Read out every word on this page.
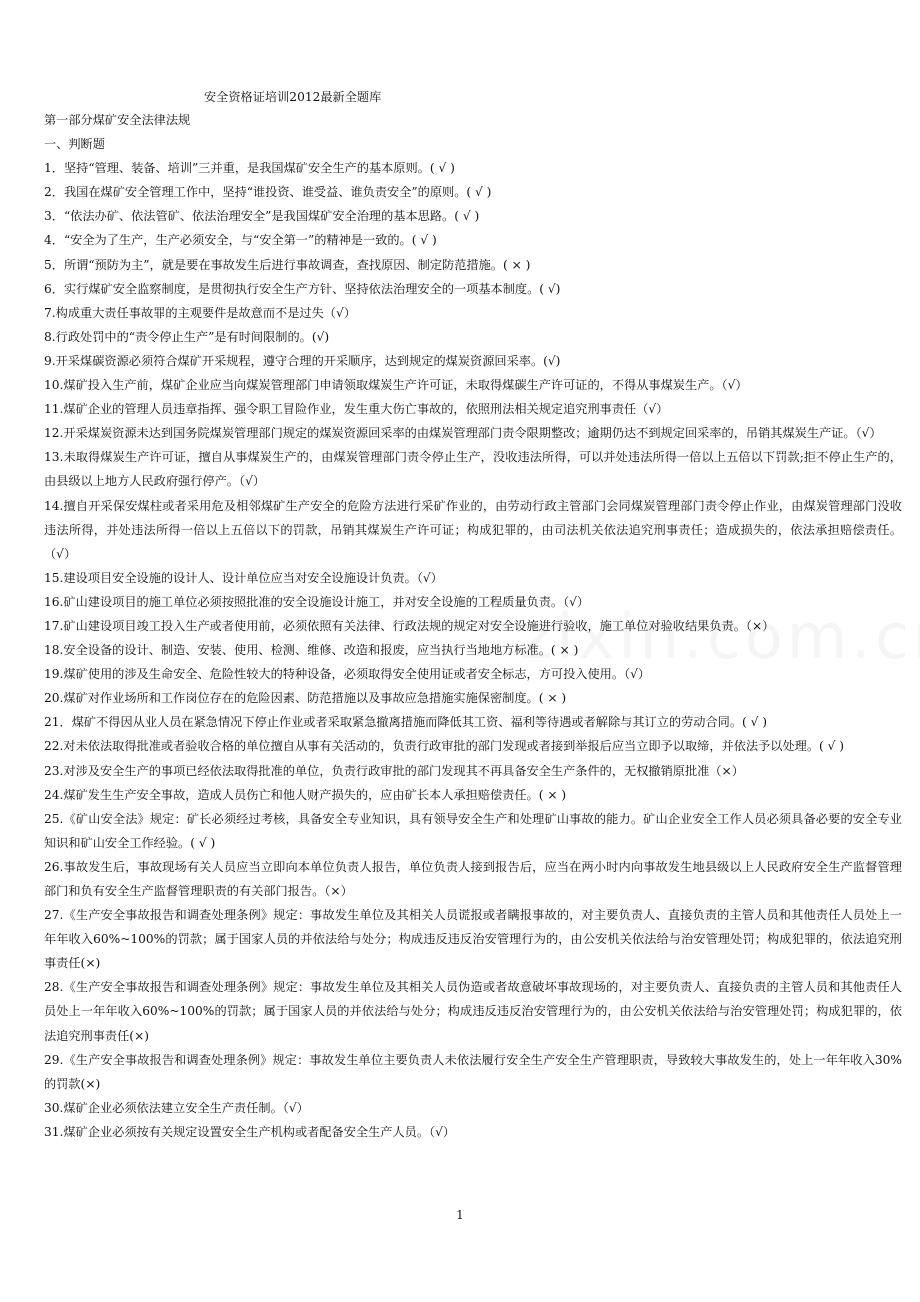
安全资格证培训2012最新全题库
第一部分煤矿安全法律法规
一、判断题
1．坚持“管理、装备、培训”三并重，是我国煤矿安全生产的基本原则。( √ )
2．我国在煤矿安全管理工作中，坚持“谁投资、谁受益、谁负责安全”的原则。( √ )
3．“依法办矿、依法管矿、依法治理安全”是我国煤矿安全治理的基本思路。( √ )
4．“安全为了生产，生产必须安全，与“安全第一”的精神是一致的。( √ )
5．所谓“预防为主”，就是要在事故发生后进行事故调查，查找原因、制定防范措施。( × )
6．实行煤矿安全监察制度，是贯彻执行安全生产方针、坚持依法治理安全的一项基本制度。( √)
7.构成重大责任事故罪的主观要件是故意而不是过失（√）
8.行政处罚中的“责令停止生产”是有时间限制的。(√)
9.开采煤碳资源必须符合煤矿开采规程，遵守合理的开采顺序，达到规定的煤炭资源回采率。(√)
10.煤矿投入生产前，煤矿企业应当向煤炭管理部门申请领取煤炭生产许可证，未取得煤碳生产许可证的，不得从事煤炭生产。（√）
11.煤矿企业的管理人员违章指挥、强令职工冒险作业，发生重大伤亡事故的，依照刑法相关规定追究刑事责任（√）
12.开采煤炭资源未达到国务院煤炭管理部门规定的煤炭资源回采率的由煤炭管理部门责令限期整改；逾期仍达不到规定回采率的，吊销其煤炭生产证。（√）
13.未取得煤炭生产许可证，擅自从事煤炭生产的，由煤炭管理部门责令停止生产，没收违法所得，可以并处违法所得一倍以上五倍以下罚款;拒不停止生产的，由县级以上地方人民政府强行停产。（√）
14.擅自开采保安煤柱或者采用危及相邻煤矿生产安全的危险方法进行采矿作业的，由劳动行政主管部门会同煤炭管理部门责令停止作业，由煤炭管理部门没收违法所得，并处违法所得一倍以上五倍以下的罚款，吊销其煤炭生产许可证；构成犯罪的，由司法机关依法追究刑事责任；造成损失的，依法承担赔偿责任。（√）
15.建设项目安全设施的设计人、设计单位应当对安全设施设计负责。（√）
16.矿山建设项目的施工单位必须按照批准的安全设施设计施工，并对安全设施的工程质量负责。（√）
17.矿山建设项目竣工投入生产或者使用前，必须依照有关法律、行政法规的规定对安全设施进行验收，施工单位对验收结果负责。（×）
18.安全设备的设计、制造、安装、使用、检测、维修、改造和报废，应当执行当地地方标准。( × )
19.煤矿使用的涉及生命安全、危险性较大的特种设备，必须取得安全使用证或者安全标志，方可投入使用。（√）
20.煤矿对作业场所和工作岗位存在的危险因素、防范措施以及事故应急措施实施保密制度。( × )
21．煤矿不得因从业人员在紧急情况下停止作业或者采取紧急撤离措施而降低其工资、福利等待遇或者解除与其订立的劳动合同。( √ )
22.对未依法取得批准或者验收合格的单位擅自从事有关活动的，负责行政审批的部门发现或者接到举报后应当立即予以取缔，并依法予以处理。( √ )
23.对涉及安全生产的事项已经依法取得批准的单位，负责行政审批的部门发现其不再具备安全生产条件的，无权撤销原批准（×）
24.煤矿发生生产安全事故，造成人员伤亡和他人财产损失的，应由矿长本人承担赔偿责任。( × )
25.《矿山安全法》规定：矿长必须经过考核，具备安全专业知识，具有领导安全生产和处理矿山事故的能力。矿山企业安全工作人员必须具备必要的安全专业知识和矿山安全工作经验。( √ )
26.事故发生后，事故现场有关人员应当立即向本单位负责人报告，单位负责人接到报告后，应当在两小时内向事故发生地县级以上人民政府安全生产监督管理部门和负有安全生产监督管理职责的有关部门报告。（×）
27.《生产安全事故报告和调查处理条例》规定：事故发生单位及其相关人员谎报或者瞒报事故的，对主要负责人、直接负责的主管人员和其他责任人员处上一年年收入60%~100%的罚款；属于国家人员的并依法给与处分；构成违反违反治安管理行为的，由公安机关依法给与治安管理处罚；构成犯罪的，依法追究刑事责任(×)
28.《生产安全事故报告和调查处理条例》规定：事故发生单位及其相关人员伪造或者故意破坏事故现场的，对主要负责人、直接负责的主管人员和其他责任人员处上一年年收入60%~100%的罚款；属于国家人员的并依法给与处分；构成违反违反治安管理行为的，由公安机关依法给与治安管理处罚；构成犯罪的，依法追究刑事责任(×)
29.《生产安全事故报告和调查处理条例》规定：事故发生单位主要负责人未依法履行安全生产安全生产管理职责，导致较大事故发生的，处上一年年收入30%的罚款(×)
30.煤矿企业必须依法建立安全生产责任制。（√）
31.煤矿企业必须按有关规定设置安全生产机构或者配备安全生产人员。（√）
1
